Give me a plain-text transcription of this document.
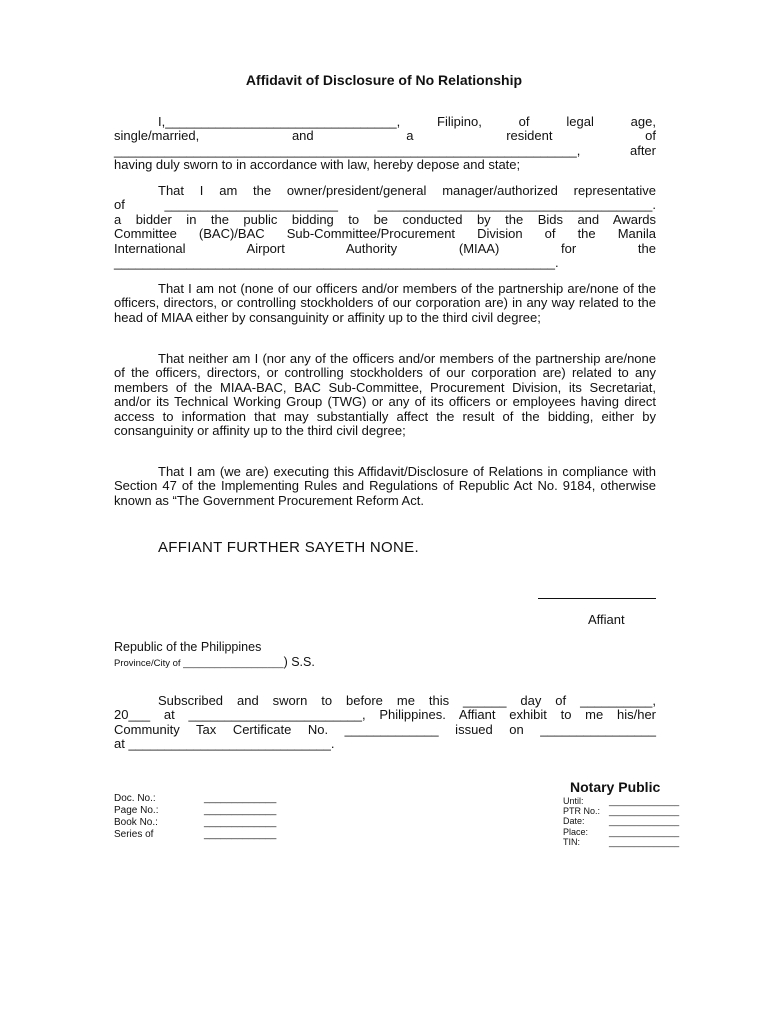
Affidavit of Disclosure of No Relationship
I,________________________________, Filipino, of legal age,
single/married, and a resident of
________________________________________________________________, after
having duly sworn to in accordance with law, hereby depose and state;
That I am the owner/president/general manager/authorized representative
of ________________________ ______________________________________.
a bidder in the public bidding to be conducted by the Bids and Awards
Committee (BAC)/BAC Sub-Committee/Procurement Division of the Manila
International Airport Authority (MIAA) for the
_____________________________________________________________.

That I am not (none of our officers and/or members of the partnership are/none of the officers, directors, or controlling stockholders of our corporation are) in any way related to the head of MIAA either by consanguinity or affinity up to the third civil degree;

That neither am I (nor any of the officers and/or members of the partnership are/none of the officers, directors, or controlling stockholders of our corporation are) related to any members of the MIAA-BAC, BAC Sub-Committee, Procurement Division, its Secretariat, and/or its Technical Working Group (TWG) or any of its officers or employees having direct access to information that may substantially affect the result of the bidding, either by consanguinity or affinity up to the third civil degree;

That I am (we are) executing this Affidavit/Disclosure of Relations in compliance with Section 47 of the Implementing Rules and Regulations of Republic Act No. 9184, otherwise known as “The Government Procurement Reform Act.

AFFIANT FURTHER SAYETH NONE.
Affiant
Republic of the Philippines
Province/City of ___________________) S.S.
Subscribed and sworn to before me this ______ day of __________,
20___ at ________________________, Philippines. Affiant exhibit to me his/her
Community Tax Certificate No. _____________ issued on ________________
at ____________________________.
Notary Public
Doc. No.:	_____________
Page No.:	_____________
Book No.:	_____________
Series of	_____________
Until:	______________
PTR No.: ______________
Date:	______________
Place:	______________
TIN:	______________
